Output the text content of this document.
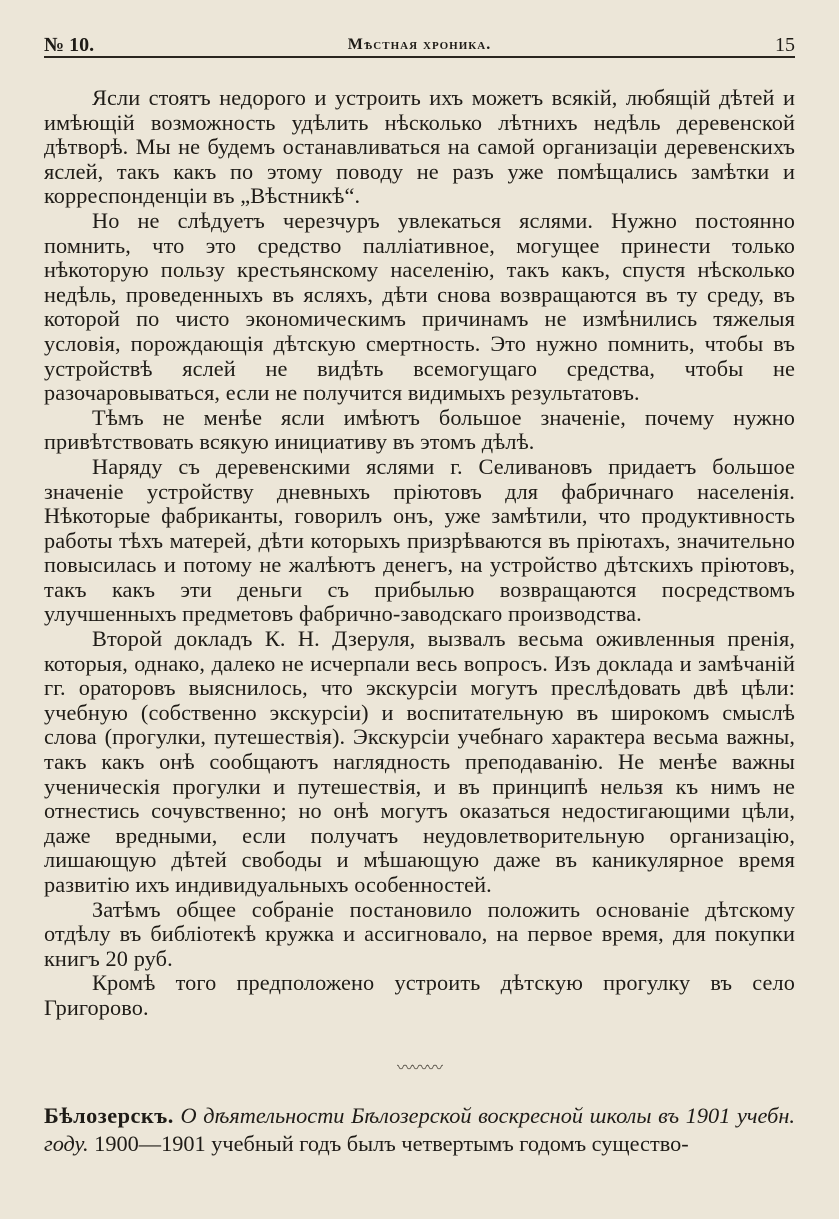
№ 10.	Мѣстная хроника.	15

Ясли стоятъ недорого и устроить ихъ можетъ всякій, любящій дѣтей и имѣющій возможность удѣлить нѣсколько лѣтнихъ недѣль деревенской дѣтворѣ. Мы не будемъ останавливаться на самой организаціи деревенскихъ яслей, такъ какъ по этому поводу не разъ уже помѣщались замѣтки и корреспонденціи въ „Вѣстникѣ“.

Но не слѣдуетъ черезчуръ увлекаться яслями. Нужно постоянно помнить, что это средство палліативное, могущее принести только нѣкоторую пользу крестьянскому населенію, такъ какъ, спустя нѣсколько недѣль, проведенныхъ въ ясляхъ, дѣти снова возвращаются въ ту среду, въ которой по чисто экономическимъ причинамъ не измѣнились тяжелыя условія, порождающія дѣтскую смертность. Это нужно помнить, чтобы въ устройствѣ яслей не видѣть всемогущаго средства, чтобы не разочаровываться, если не получится видимыхъ результатовъ.

Тѣмъ не менѣе ясли имѣютъ большое значеніе, почему нужно привѣтствовать всякую инициативу въ этомъ дѣлѣ.

Наряду съ деревенскими яслями г. Селивановъ придаетъ большое значеніе устройству дневныхъ пріютовъ для фабричнаго населенія. Нѣкоторые фабриканты, говорилъ онъ, уже замѣтили, что продуктивность работы тѣхъ матерей, дѣти которыхъ призрѣваются въ пріютахъ, значительно повысилась и потому не жалѣютъ денегъ, на устройство дѣтскихъ пріютовъ, такъ какъ эти деньги съ прибылью возвращаются посредствомъ улучшенныхъ предметовъ фабрично-заводскаго производства.

Второй докладъ К. Н. Дзеруля, вызвалъ весьма оживленныя пренія, которыя, однако, далеко не исчерпали весь вопросъ. Изъ доклада и замѣчаній гг. ораторовъ выяснилось, что экскурсіи могутъ преслѣдовать двѣ цѣли: учебную (собственно экскурсіи) и воспитательную въ широкомъ смыслѣ слова (прогулки, путешествія). Экскурсіи учебнаго характера весьма важны, такъ какъ онѣ сообщаютъ наглядность преподаванію. Не менѣе важны ученическія прогулки и путешествія, и въ принципѣ нельзя къ нимъ не отнестись сочувственно; но онѣ могутъ оказаться недостигающими цѣли, даже вредными, если получатъ неудовлетворительную организацію, лишающую дѣтей свободы и мѣшающую даже въ каникулярное время развитію ихъ индивидуальныхъ особенностей.

Затѣмъ общее собраніе постановило положить основаніе дѣтскому отдѣлу въ библіотекѣ кружка и ассигновало, на первое время, для покупки книгъ 20 руб.

Кромѣ того предположено устроить дѣтскую прогулку въ село Григорово.

〰〰〰

Бѣлозерскъ. О дѣятельности Бѣлозерской воскресной школы въ 1901 учебн. году. 1900—1901 учебный годъ былъ четвертымъ годомъ существо-
